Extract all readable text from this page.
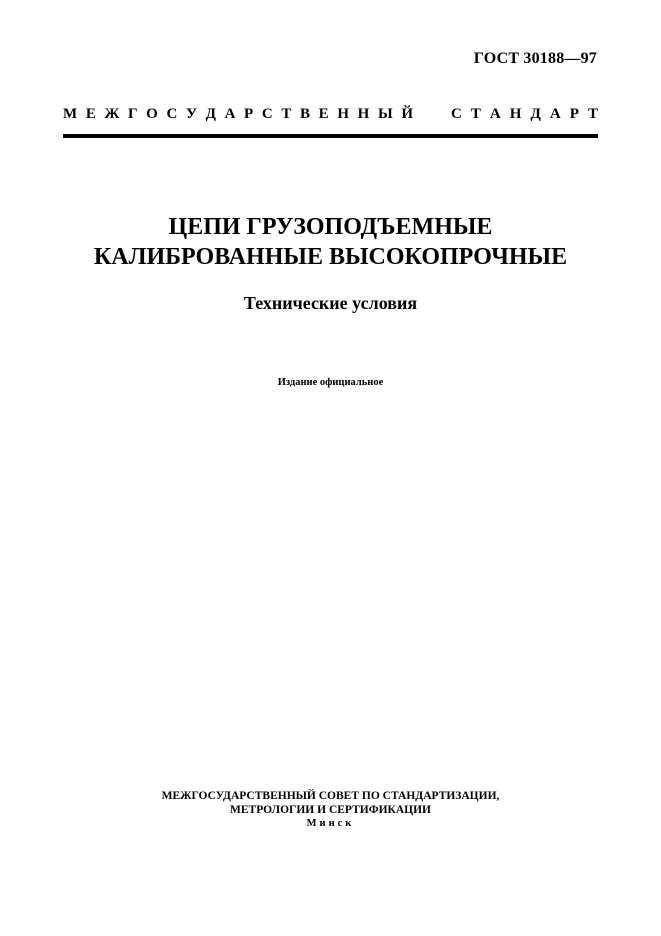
ГОСТ 30188—97
М Е Ж Г О С У Д А Р С Т В Е Н Н Ы Й	С Т А Н Д А Р Т
ЦЕПИ ГРУЗОПОДЪЕМНЫЕ
КАЛИБРОВАННЫЕ ВЫСОКОПРОЧНЫЕ
Технические условия
Издание официальное
МЕЖГОСУДАРСТВЕННЫЙ СОВЕТ ПО СТАНДАРТИЗАЦИИ,
МЕТРОЛОГИИ И СЕРТИФИКАЦИИ
Минск
